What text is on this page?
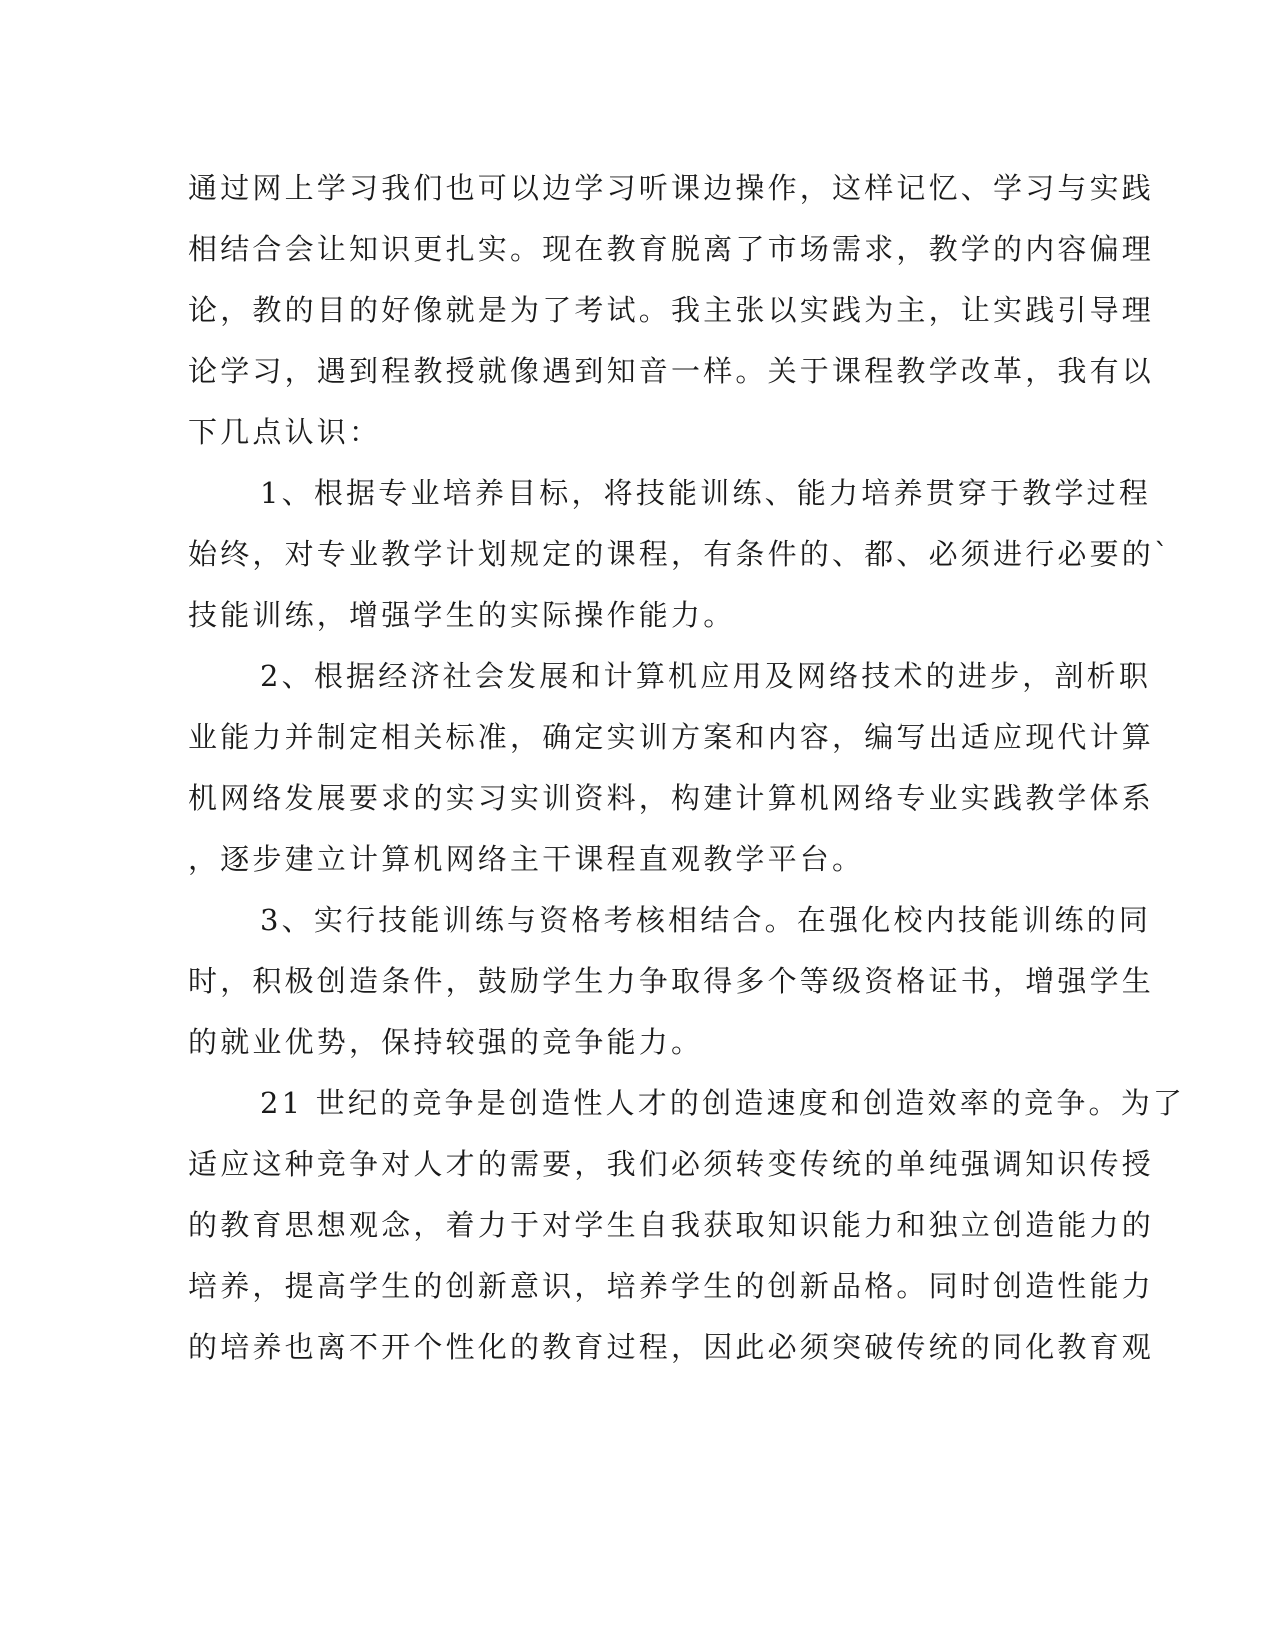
通过网上学习我们也可以边学习听课边操作，这样记忆、学习与实践
相结合会让知识更扎实。现在教育脱离了市场需求，教学的内容偏理
论，教的目的好像就是为了考试。我主张以实践为主，让实践引导理
论学习，遇到程教授就像遇到知音一样。关于课程教学改革，我有以
下几点认识：
1、根据专业培养目标，将技能训练、能力培养贯穿于教学过程
始终，对专业教学计划规定的课程，有条件的、都、必须进行必要的`
技能训练，增强学生的实际操作能力。
2、根据经济社会发展和计算机应用及网络技术的进步，剖析职
业能力并制定相关标准，确定实训方案和内容，编写出适应现代计算
机网络发展要求的实习实训资料，构建计算机网络专业实践教学体系
，逐步建立计算机网络主干课程直观教学平台。
3、实行技能训练与资格考核相结合。在强化校内技能训练的同
时，积极创造条件，鼓励学生力争取得多个等级资格证书，增强学生
的就业优势，保持较强的竞争能力。
21 世纪的竞争是创造性人才的创造速度和创造效率的竞争。为了
适应这种竞争对人才的需要，我们必须转变传统的单纯强调知识传授
的教育思想观念，着力于对学生自我获取知识能力和独立创造能力的
培养，提高学生的创新意识，培养学生的创新品格。同时创造性能力
的培养也离不开个性化的教育过程，因此必须突破传统的同化教育观
